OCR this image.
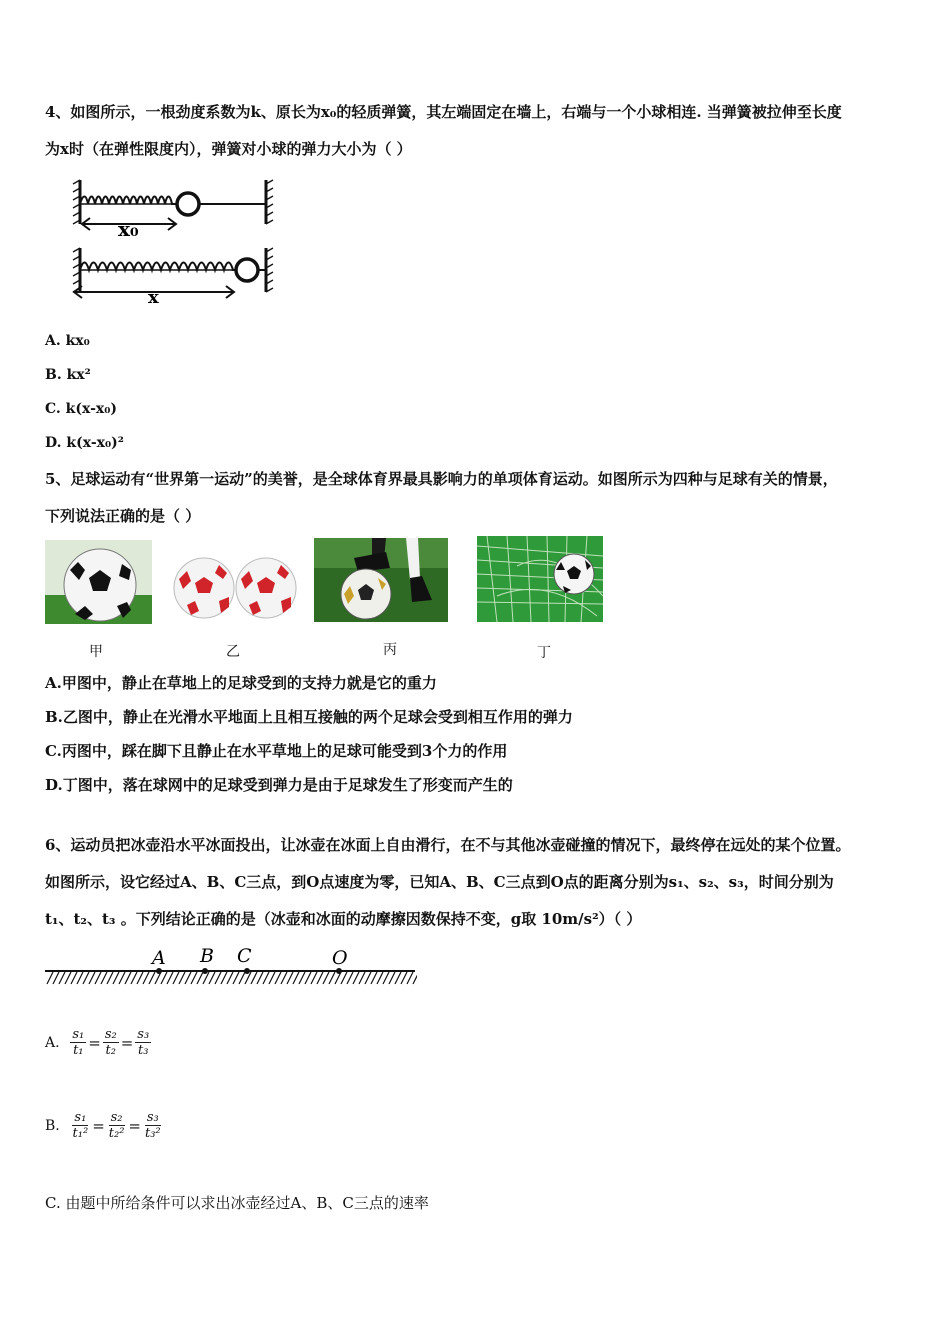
4、如图所示，一根劲度系数为k、原长为x₀的轻质弹簧，其左端固定在墙上，右端与一个小球相连. 当弹簧被拉伸至长度
为x时（在弹性限度内），弹簧对小球的弹力大小为（ ）
x₀
x
A. kx₀
B. kx²
C. k(x-x₀)
D. k(x-x₀)²
5、足球运动有“世界第一运动”的美誉，是全球体育界最具影响力的单项体育运动。如图所示为四种与足球有关的情景，
下列说法正确的是（ ）
甲	乙	丙	丁
A.甲图中，静止在草地上的足球受到的支持力就是它的重力
B.乙图中，静止在光滑水平地面上且相互接触的两个足球会受到相互作用的弹力
C.丙图中，踩在脚下且静止在水平草地上的足球可能受到3个力的作用
D.丁图中，落在球网中的足球受到弹力是由于足球发生了形变而产生的
6、运动员把冰壶沿水平冰面投出，让冰壶在冰面上自由滑行，在不与其他冰壶碰撞的情况下，最终停在远处的某个位置。
如图所示，设它经过A、B、C三点，到O点速度为零，已知A、B、C三点到O点的距离分别为s₁、s₂、s₃，时间分别为
t₁、t₂、t₃ 。下列结论正确的是（冰壶和冰面的动摩擦因数保持不变，g取 10m/s²）（ ）
A B C	O
A. $\frac{\text{s₁}}{\text{t₁}} = \frac{\text{s₂}}{\text{t₂}} = \frac{\text{s₃}}{\text{t₃}}$
B. $\frac{\text{s₁}}{\text{t₁²}} = \frac{\text{s₂}}{\text{t₂²}} = \frac{\text{s₃}}{\text{t₃²}}$
C. 由题中所给条件可以求出冰壶经过A、B、C三点的速率
